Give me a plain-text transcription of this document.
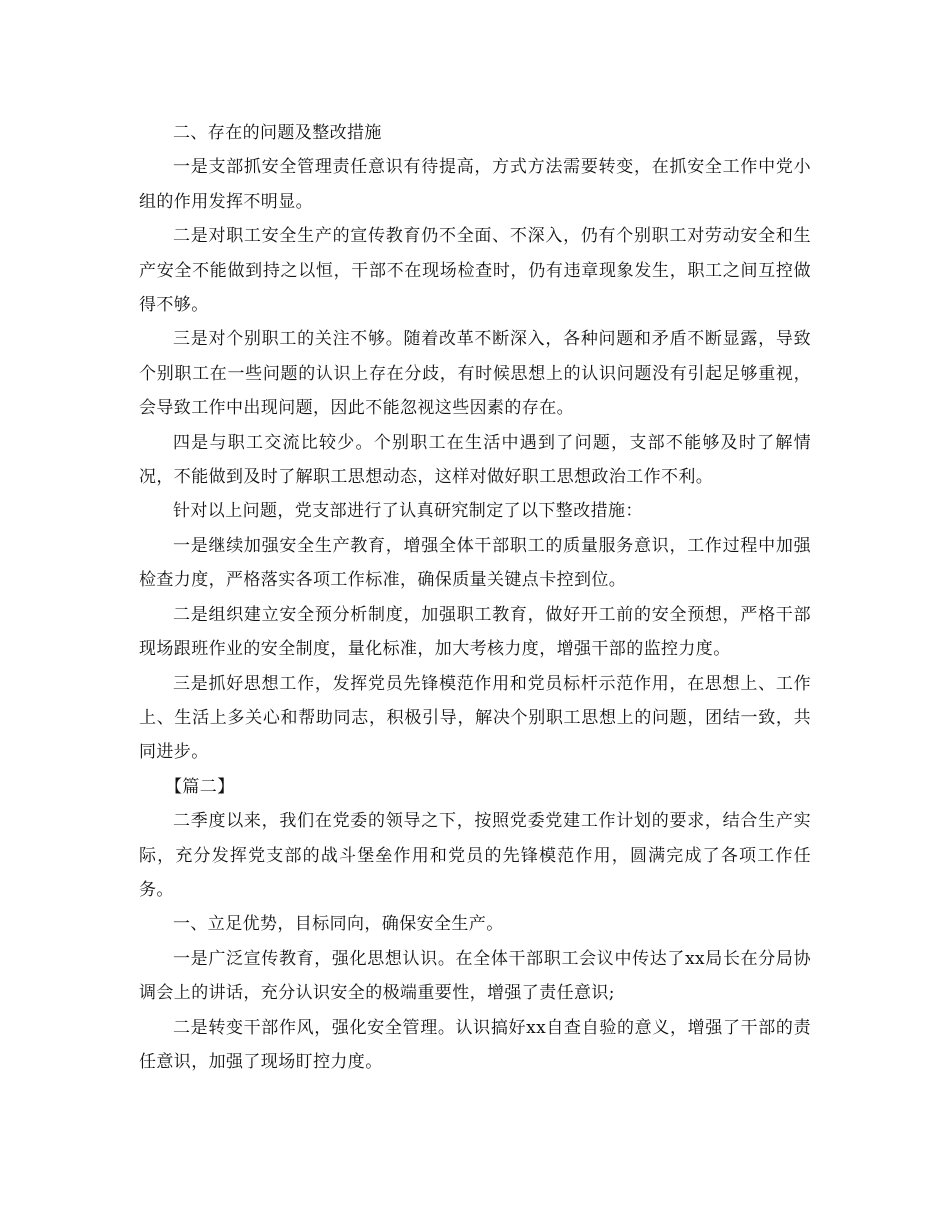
二、存在的问题及整改措施

一是支部抓安全管理责任意识有待提高，方式方法需要转变，在抓安全工作中党小组的作用发挥不明显。

二是对职工安全生产的宣传教育仍不全面、不深入，仍有个别职工对劳动安全和生产安全不能做到持之以恒，干部不在现场检查时，仍有违章现象发生，职工之间互控做得不够。

三是对个别职工的关注不够。随着改革不断深入，各种问题和矛盾不断显露，导致个别职工在一些问题的认识上存在分歧，有时候思想上的认识问题没有引起足够重视，会导致工作中出现问题，因此不能忽视这些因素的存在。

四是与职工交流比较少。个别职工在生活中遇到了问题，支部不能够及时了解情况，不能做到及时了解职工思想动态，这样对做好职工思想政治工作不利。

针对以上问题，党支部进行了认真研究制定了以下整改措施：

一是继续加强安全生产教育，增强全体干部职工的质量服务意识，工作过程中加强检查力度，严格落实各项工作标准，确保质量关键点卡控到位。

二是组织建立安全预分析制度，加强职工教育，做好开工前的安全预想，严格干部现场跟班作业的安全制度，量化标准，加大考核力度，增强干部的监控力度。

三是抓好思想工作，发挥党员先锋模范作用和党员标杆示范作用，在思想上、工作上、生活上多关心和帮助同志，积极引导，解决个别职工思想上的问题，团结一致，共同进步。

【篇二】

二季度以来，我们在党委的领导之下，按照党委党建工作计划的要求，结合生产实际，充分发挥党支部的战斗堡垒作用和党员的先锋模范作用，圆满完成了各项工作任务。

一、立足优势，目标同向，确保安全生产。

一是广泛宣传教育，强化思想认识。在全体干部职工会议中传达了xx局长在分局协调会上的讲话，充分认识安全的极端重要性，增强了责任意识;

二是转变干部作风，强化安全管理。认识搞好xx自查自验的意义，增强了干部的责任意识，加强了现场盯控力度。
